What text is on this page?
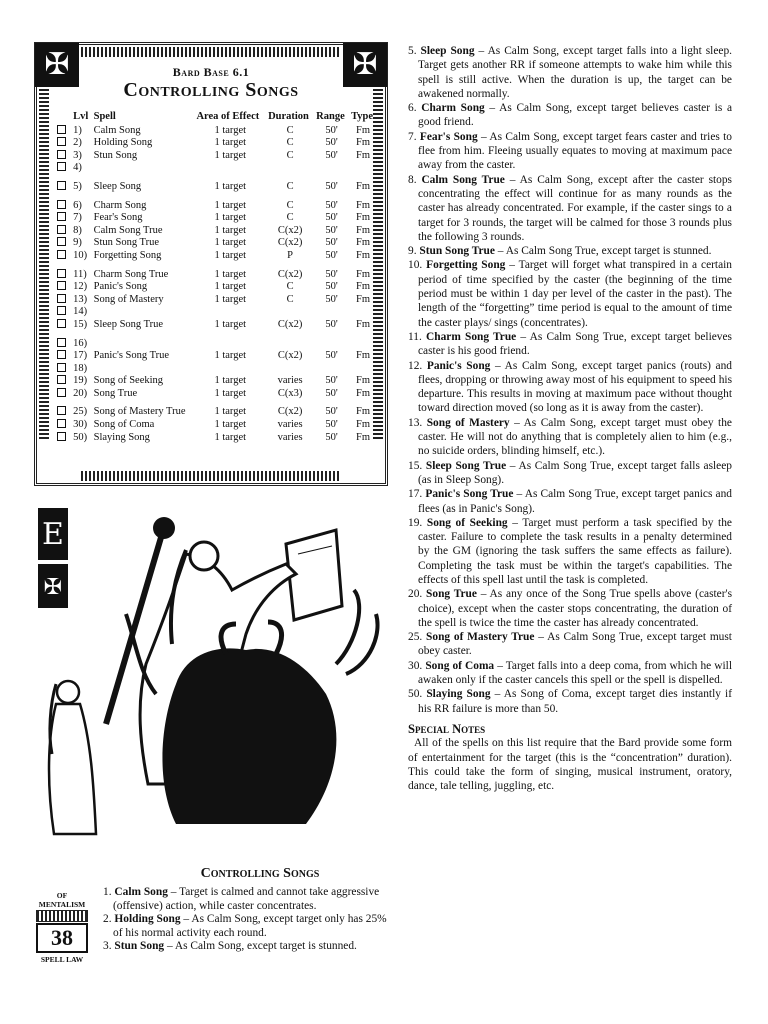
✠
✠
Bard Base 6.1
Controlling Songs
	Lvl	Spell	Area of Effect	Duration	Range	Type
	1)	Calm Song	1 target	C	50'	Fm
	2)	Holding Song	1 target	C	50'	Fm
	3)	Stun Song	1 target	C	50'	Fm
	4)					

	5)	Sleep Song	1 target	C	50'	Fm

	6)	Charm Song	1 target	C	50'	Fm
	7)	Fear's Song	1 target	C	50'	Fm
	8)	Calm Song True	1 target	C(x2)	50'	Fm
	9)	Stun Song True	1 target	C(x2)	50'	Fm
	10)	Forgetting Song	1 target	P	50'	Fm

	11)	Charm Song True	1 target	C(x2)	50'	Fm
	12)	Panic's Song	1 target	C	50'	Fm
	13)	Song of Mastery	1 target	C	50'	Fm
	14)					
	15)	Sleep Song True	1 target	C(x2)	50'	Fm

	16)					
	17)	Panic's Song True	1 target	C(x2)	50'	Fm
	18)					
	19)	Song of Seeking	1 target	varies	50'	Fm
	20)	Song True	1 target	C(x3)	50'	Fm

	25)	Song of Mastery True	1 target	C(x2)	50'	Fm
	30)	Song of Coma	1 target	varies	50'	Fm
	50)	Slaying Song	1 target	varies	50'	Fm
E
✠
Controlling Songs
OF
MENTALISM
38
SPELL LAW

1. Calm Song – Target is calmed and cannot take aggressive (offensive) action, while caster concentrates.

2. Holding Song – As Calm Song, except target only has 25% of his normal activity each round.

3. Stun Song – As Calm Song, except target is stunned.

5. Sleep Song – As Calm Song, except target falls into a light sleep. Target gets another RR if someone attempts to wake him while this spell is still active. When the duration is up, the target can be awakened normally.

6. Charm Song – As Calm Song, except target believes caster is a good friend.

7. Fear's Song – As Calm Song, except target fears caster and tries to flee from him. Fleeing usually equates to moving at maximum pace away from the caster.

8. Calm Song True – As Calm Song, except after the caster stops concentrating the effect will continue for as many rounds as the caster has already concentrated. For example, if the caster sings to a target for 3 rounds, the target will be calmed for those 3 rounds plus the following 3 rounds.

9. Stun Song True – As Calm Song True, except target is stunned.

10. Forgetting Song – Target will forget what transpired in a certain period of time specified by the caster (the beginning of the time period must be within 1 day per level of the caster in the past). The length of the “forgetting” time period is equal to the amount of time the caster plays/ sings (concentrates).

11. Charm Song True – As Calm Song True, except target believes caster is his good friend.

12. Panic's Song – As Calm Song, except target panics (routs) and flees, dropping or throwing away most of his equipment to speed his departure. This results in moving at maximum pace without thought toward direction moved (so long as it is away from the caster).

13. Song of Mastery – As Calm Song, except target must obey the caster. He will not do anything that is completely alien to him (e.g., no suicide orders, blinding himself, etc.).

15. Sleep Song True – As Calm Song True, except target falls asleep (as in Sleep Song).

17. Panic's Song True – As Calm Song True, except target panics and flees (as in Panic's Song).

19. Song of Seeking – Target must perform a task specified by the caster. Failure to complete the task results in a penalty determined by the GM (ignoring the task suffers the same effects as failure). Completing the task must be within the target's capabilities. The effects of this spell last until the task is completed.

20. Song True – As any once of the Song True spells above (caster's choice), except when the caster stops concentrating, the duration of the spell is twice the time the caster has already concentrated.

25. Song of Mastery True – As Calm Song True, except target must obey caster.

30. Song of Coma – Target falls into a deep coma, from which he will awaken only if the caster cancels this spell or the spell is dispelled.

50. Slaying Song – As Song of Coma, except target dies instantly if his RR failure is more than 50.

Special Notes

All of the spells on this list require that the Bard provide some form of entertainment for the target (this is the “concentration” duration). This could take the form of singing, musical instrument, oratory, dance, tale telling, juggling, etc.
